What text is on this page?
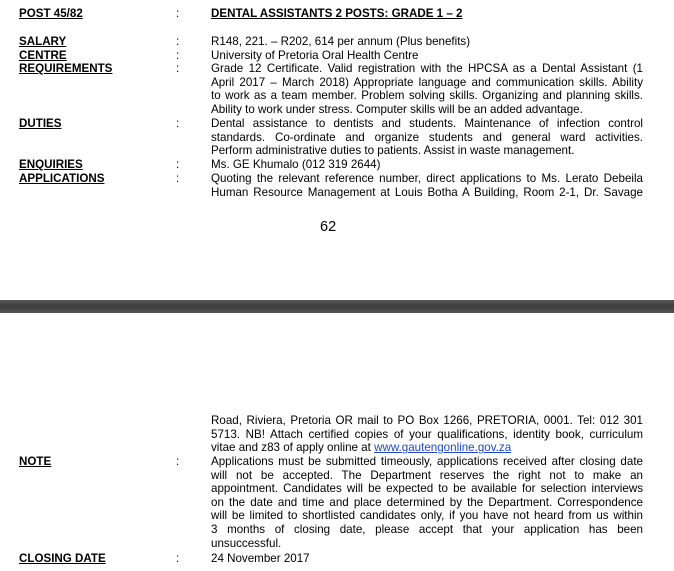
POST 45/82	:	DENTAL ASSISTANTS 2 POSTS: GRADE 1 – 2
SALARY	:	R148, 221. – R202, 614 per annum (Plus benefits)
CENTRE	:	University of Pretoria Oral Health Centre
REQUIREMENTS	:	Grade 12 Certificate. Valid registration with the HPCSA as a Dental Assistant (1
April 2017 – March 2018) Appropriate language and communication skills. Ability
to work as a team member. Problem solving skills. Organizing and planning skills.
Ability to work under stress. Computer skills will be an added advantage.
DUTIES	:	Dental assistance to dentists and students. Maintenance of infection control
standards. Co-ordinate and organize students and general ward activities.
Perform administrative duties to patients. Assist in waste management.
ENQUIRIES	:	Ms. GE Khumalo (012 319 2644)
APPLICATIONS	:	Quoting the relevant reference number, direct applications to Ms. Lerato Debeila
Human Resource Management at Louis Botha A Building, Room 2-1, Dr. Savage
62
Road, Riviera, Pretoria OR mail to PO Box 1266, PRETORIA, 0001. Tel: 012 301
5713. NB! Attach certified copies of your qualifications, identity book, curriculum
vitae and z83 of apply online at www.gautengonline.gov.za
NOTE	:	Applications must be submitted timeously, applications received after closing date
will not be accepted. The Department reserves the right not to make an
appointment. Candidates will be expected to be available for selection interviews
on the date and time and place determined by the Department. Correspondence
will be limited to shortlisted candidates only, if you have not heard from us within
3 months of closing date, please accept that your application has been
unsuccessful.
CLOSING DATE	:	24 November 2017
